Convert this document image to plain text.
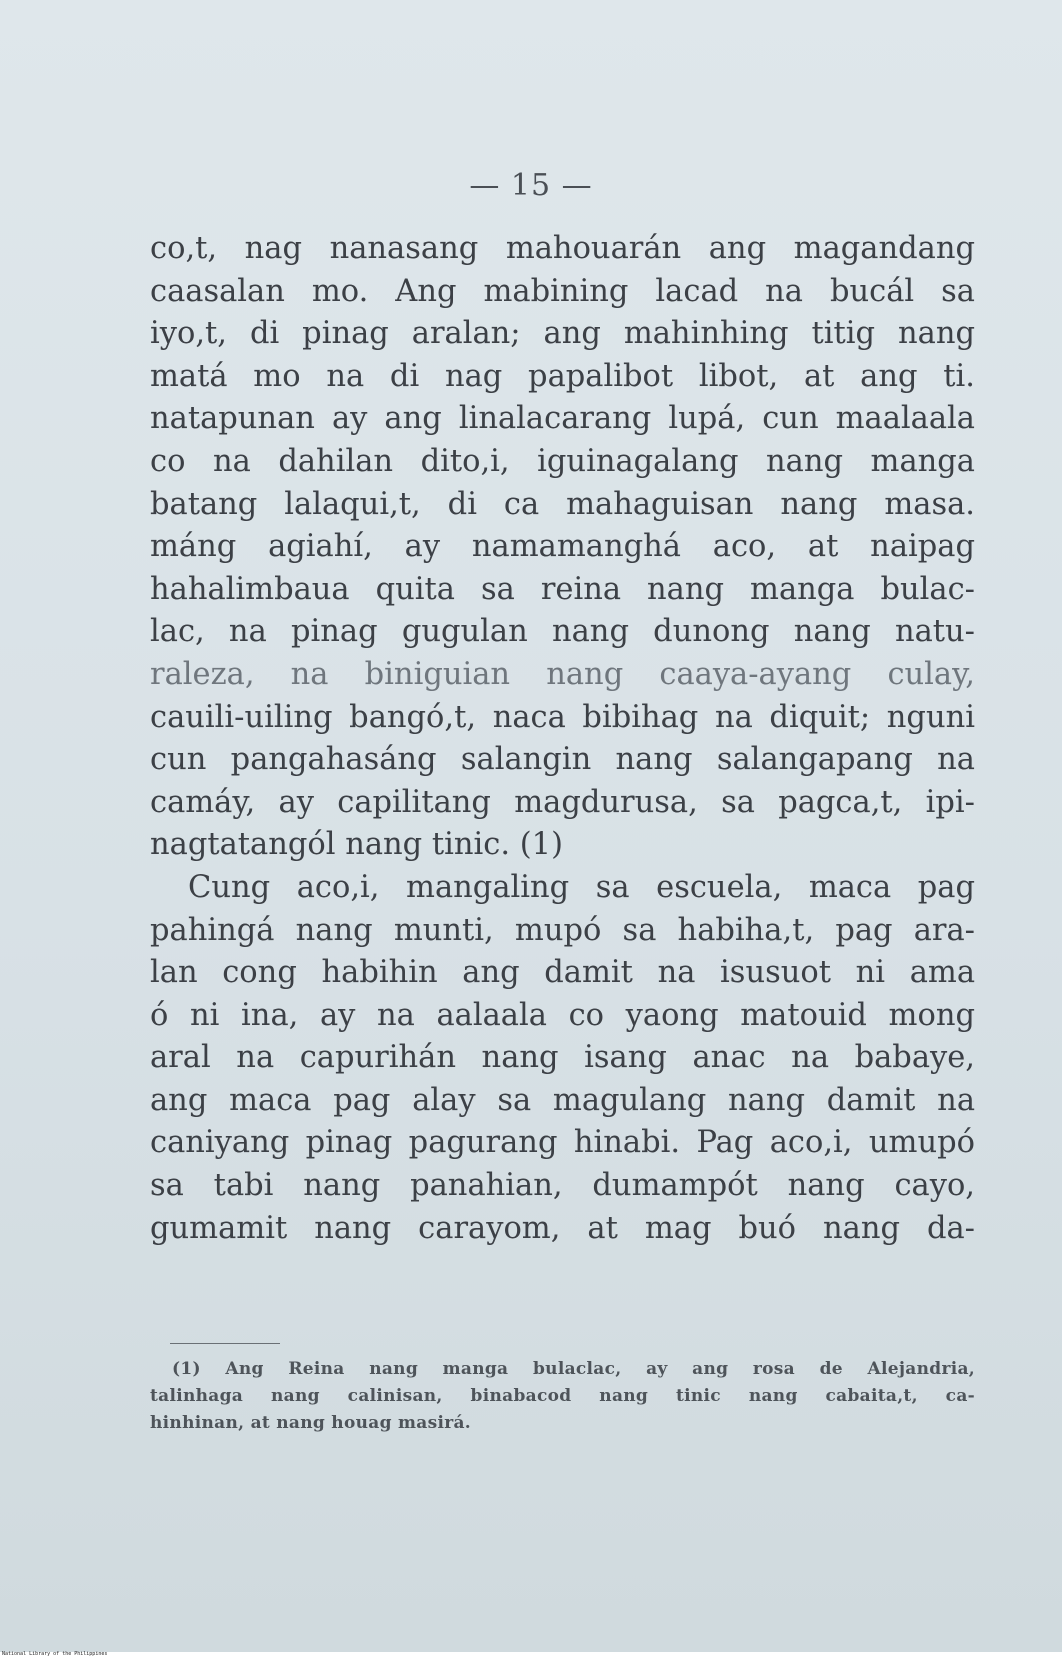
— 15 —
co,t, nag nanasang mahouarán ang magandang
caasalan mo. Ang mabining lacad na bucál sa
iyo,t, di pinag aralan; ang mahinhing titig nang
matá mo na di nag papalibot libot, at ang ti.
natapunan ay ang linalacarang lupá, cun maalaala
co na dahilan dito,i, iguinagalang nang manga
batang lalaqui,t, di ca mahaguisan nang masa.
máng agiahí, ay namamanghá aco, at naipag
hahalimbaua quita sa reina nang manga bulac-
lac, na pinag gugulan nang dunong nang natu-
raleza, na biniguian nang caaya-ayang culay,
cauili-uiling bangó,t, naca bibihag na diquit; nguni
cun pangahasáng salangin nang salangapang na
camáy, ay capilitang magdurusa, sa pagca,t, ipi-
nagtatangól nang tinic. (1)
Cung aco,i, mangaling sa escuela, maca pag
pahingá nang munti, mupó sa habiha,t, pag ara-
lan cong habihin ang damit na isusuot ni ama
ó ni ina, ay na aalaala co yaong matouid mong
aral na capurihán nang isang anac na babaye,
ang maca pag alay sa magulang nang damit na
caniyang pinag pagurang hinabi. Pag aco,i, umupó
sa tabi nang panahian, dumampót nang cayo,
gumamit nang carayom, at mag buó nang da-
(1) Ang Reina nang manga bulaclac, ay ang rosa de Alejandria,
talinhaga nang calinisan, binabacod nang tinic nang cabaita,t, ca-
hinhinan, at nang houag masirá.
National Library of the Philippines
